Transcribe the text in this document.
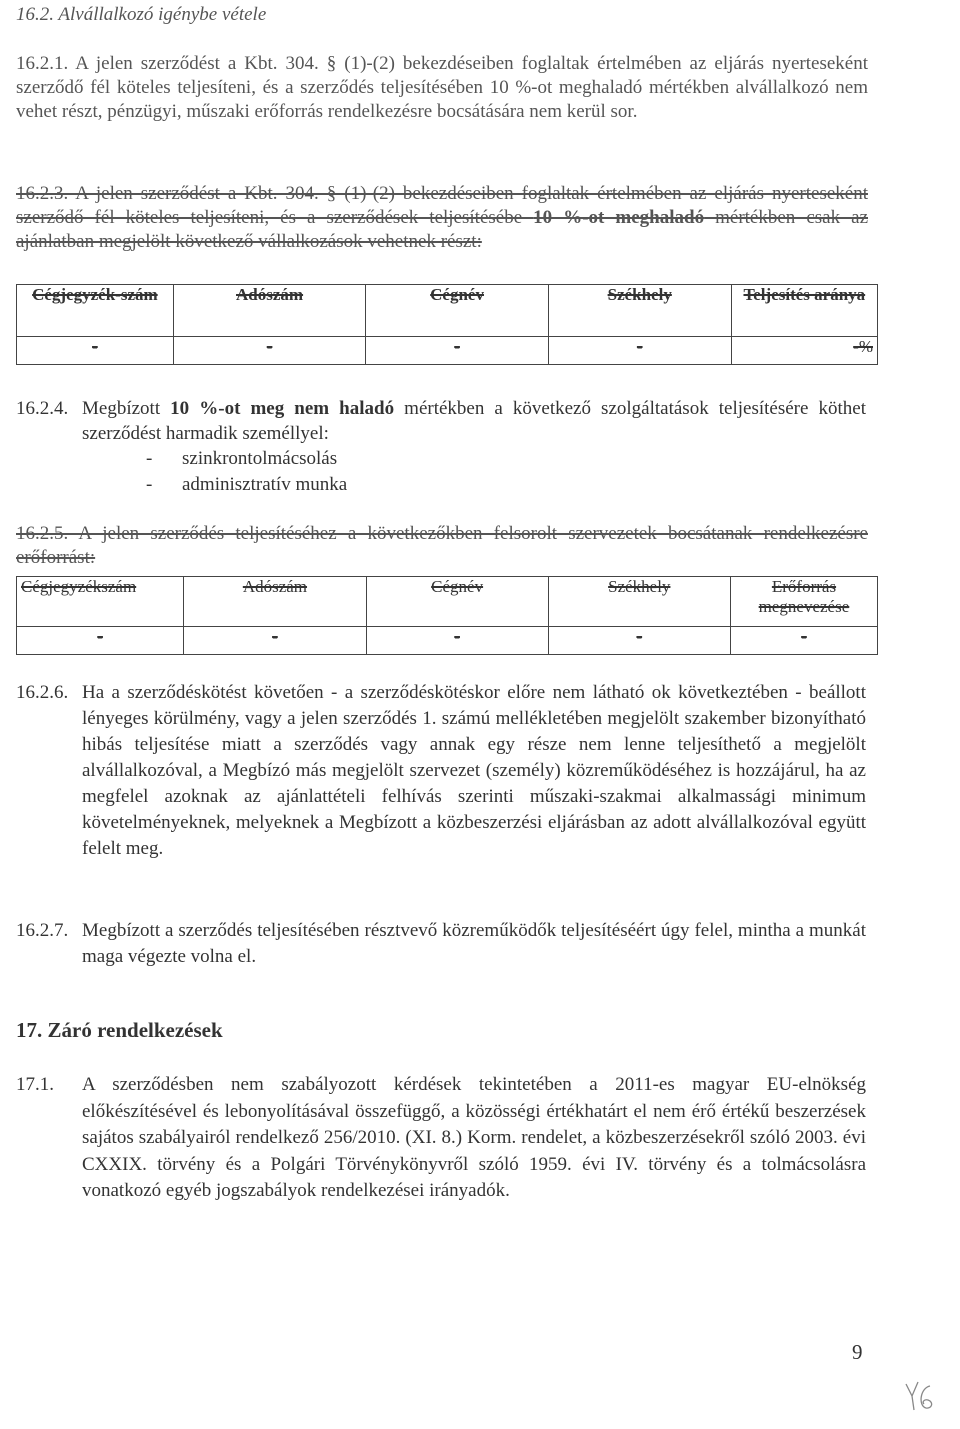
16.2. Alvállalkozó igénybe vétele
16.2.1. A jelen szerződést a Kbt. 304. § (1)-(2) bekezdéseiben foglaltak értelmében az eljárás nyerteseként szerződő fél köteles teljesíteni, és a szerződés teljesítésében 10 %-ot meghaladó mértékben alvállalkozó nem vehet részt, pénzügyi, műszaki erőforrás rendelkezésre bocsátására nem kerül sor.
16.2.3. A jelen szerződést a Kbt. 304. § (1)-(2) bekezdéseiben foglaltak értelmében az eljárás nyerteseként szerződő fél köteles teljesíteni, és a szerződések teljesítésébe 10 %-ot meghaladó mértékben csak az ajánlatban megjelölt következő vállalkozások vehetnek részt:
Cégjegyzék-szám	Adószám	Cégnév	Székhely	Teljesítés aránya
-	-	-	-	-%
16.2.4. Megbízott 10 %-ot meg nem haladó mértékben a következő szolgáltatások teljesítésére köthet szerződést harmadik személlyel:
- szinkrontolmácsolás
- adminisztratív munka
16.2.5. A jelen szerződés teljesítéséhez a következőkben felsorolt szervezetek bocsátanak rendelkezésre erőforrást:
Cégjegyzékszám	Adószám	Cégnév	Székhely	Erőforrás megnevezése
-	-	-	-	-
16.2.6. Ha a szerződéskötést követően - a szerződéskötéskor előre nem látható ok következtében - beállott lényeges körülmény, vagy a jelen szerződés 1. számú mellékletében megjelölt szakember bizonyítható hibás teljesítése miatt a szerződés vagy annak egy része nem lenne teljesíthető a megjelölt alvállalkozóval, a Megbízó más megjelölt szervezet (személy) közreműködéséhez is hozzájárul, ha az megfelel azoknak az ajánlattételi felhívás szerinti műszaki-szakmai alkalmassági minimum követelményeknek, melyeknek a Megbízott a közbeszerzési eljárásban az adott alvállalkozóval együtt felelt meg.
16.2.7. Megbízott a szerződés teljesítésében résztvevő közreműködők teljesítéséért úgy felel, mintha a munkát maga végezte volna el.
17. Záró rendelkezések
17.1. A szerződésben nem szabályozott kérdések tekintetében a 2011-es magyar EU-elnökség előkészítésével és lebonyolításával összefüggő, a közösségi értékhatárt el nem érő értékű beszerzések sajátos szabályairól rendelkező 256/2010. (XI. 8.) Korm. rendelet, a közbeszerzésekről szóló 2003. évi CXXIX. törvény és a Polgári Törvénykönyvről szóló 1959. évi IV. törvény és a tolmácsolásra vonatkozó egyéb jogszabályok rendelkezései irányadók.
9
